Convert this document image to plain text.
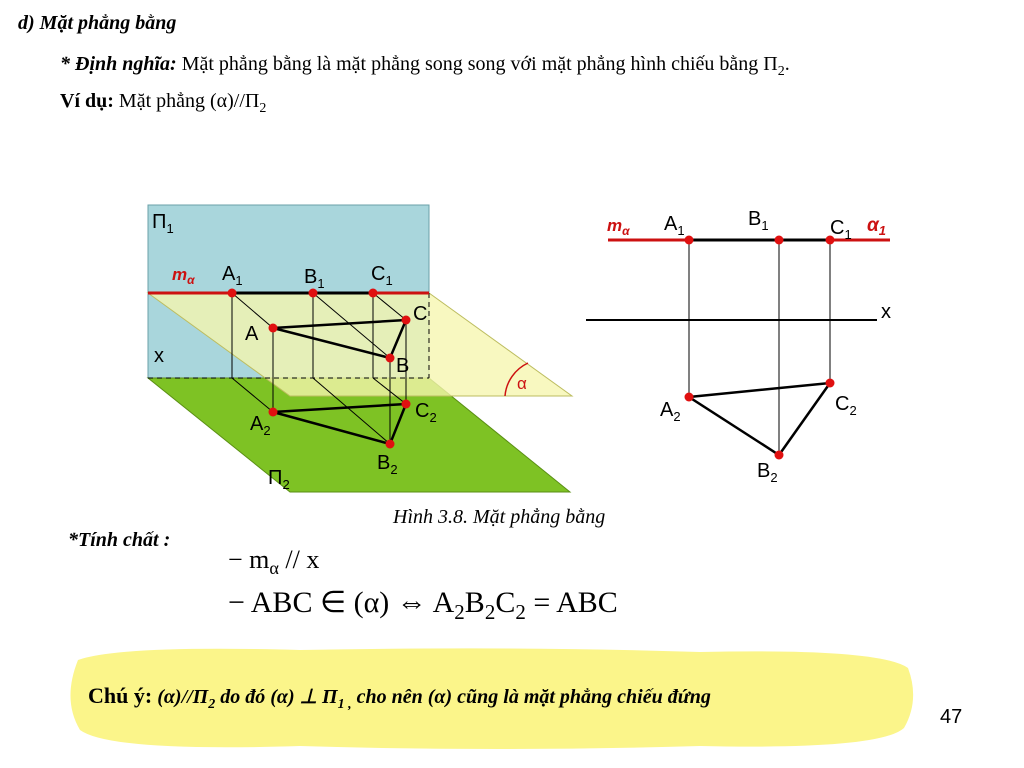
d) Mặt phẳng bằng
* Định nghĩa: Mặt phẳng bằng là mặt phẳng song song với mặt phẳng hình chiếu bằng $\Pi_2$.
Ví dụ: Mặt phẳng $(\alpha)//\Pi_2$
$\Pi_1$
$\Pi_2$
x
$m_\alpha$ $A_1$	$B_1$ $C_1$
A
B
C
$A_2$
$B_2$
$C_2$
α
$m_\alpha$ $A_1$
$B_1$	$C_1$ $\alpha_1$
x
$A_2$
$B_2$
$C_2$
Hình 3.8. Mặt phẳng bằng
*Tính chất :
− $m_\alpha$ // x
− ABC ∈ (α) ⇔ $A_2B_2C_2$ = ABC
Chú ý: $(\alpha)//\Pi_2$ do đó (α) ⊥ $\Pi_{1 ,}$ cho nên (α) cũng là mặt phẳng chiếu đứng
47
